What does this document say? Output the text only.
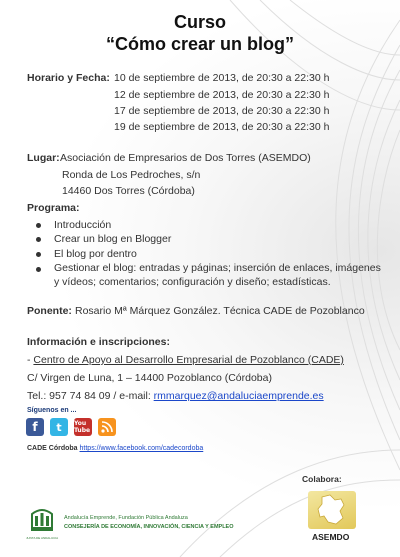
Curso
“Cómo crear un blog”
Horario y Fecha: 10 de septiembre de 2013, de 20:30 a 22:30 h
12 de septiembre de 2013, de 20:30 a 22:30 h
17 de septiembre de 2013, de 20:30 a 22:30 h
19 de septiembre de 2013, de 20:30 a 22:30 h
Lugar: Asociación de Empresarios de Dos Torres (ASEMDO)
Ronda de Los Pedroches, s/n
14460 Dos Torres (Córdoba)
Programa:
Introducción
Crear un blog en Blogger
El blog por dentro
Gestionar el blog: entradas y páginas; inserción de enlaces, imágenes
y vídeos; comentarios; configuración y diseño; estadísticas.
Ponente: Rosario Mª Márquez González. Técnica CADE de Pozoblanco
Información e inscripciones:
- Centro de Apoyo al Desarrollo Empresarial de Pozoblanco (CADE)
C/ Virgen de Luna, 1 – 14400 Pozoblanco (Córdoba)
Tel.: 957 74 84 09 / e-mail: rmmarquez@andaluciaemprende.es
Síguenos en ...
f	t	You Tube
CADE Córdoba https://www.facebook.com/cadecordoba
Colabora:
ASEMDO
JUNTA DE ANDALUCIA
Andalucía Emprende, Fundación Pública Andaluza
CONSEJERÍA DE ECONOMÍA, INNOVACIÓN, CIENCIA Y EMPLEO
